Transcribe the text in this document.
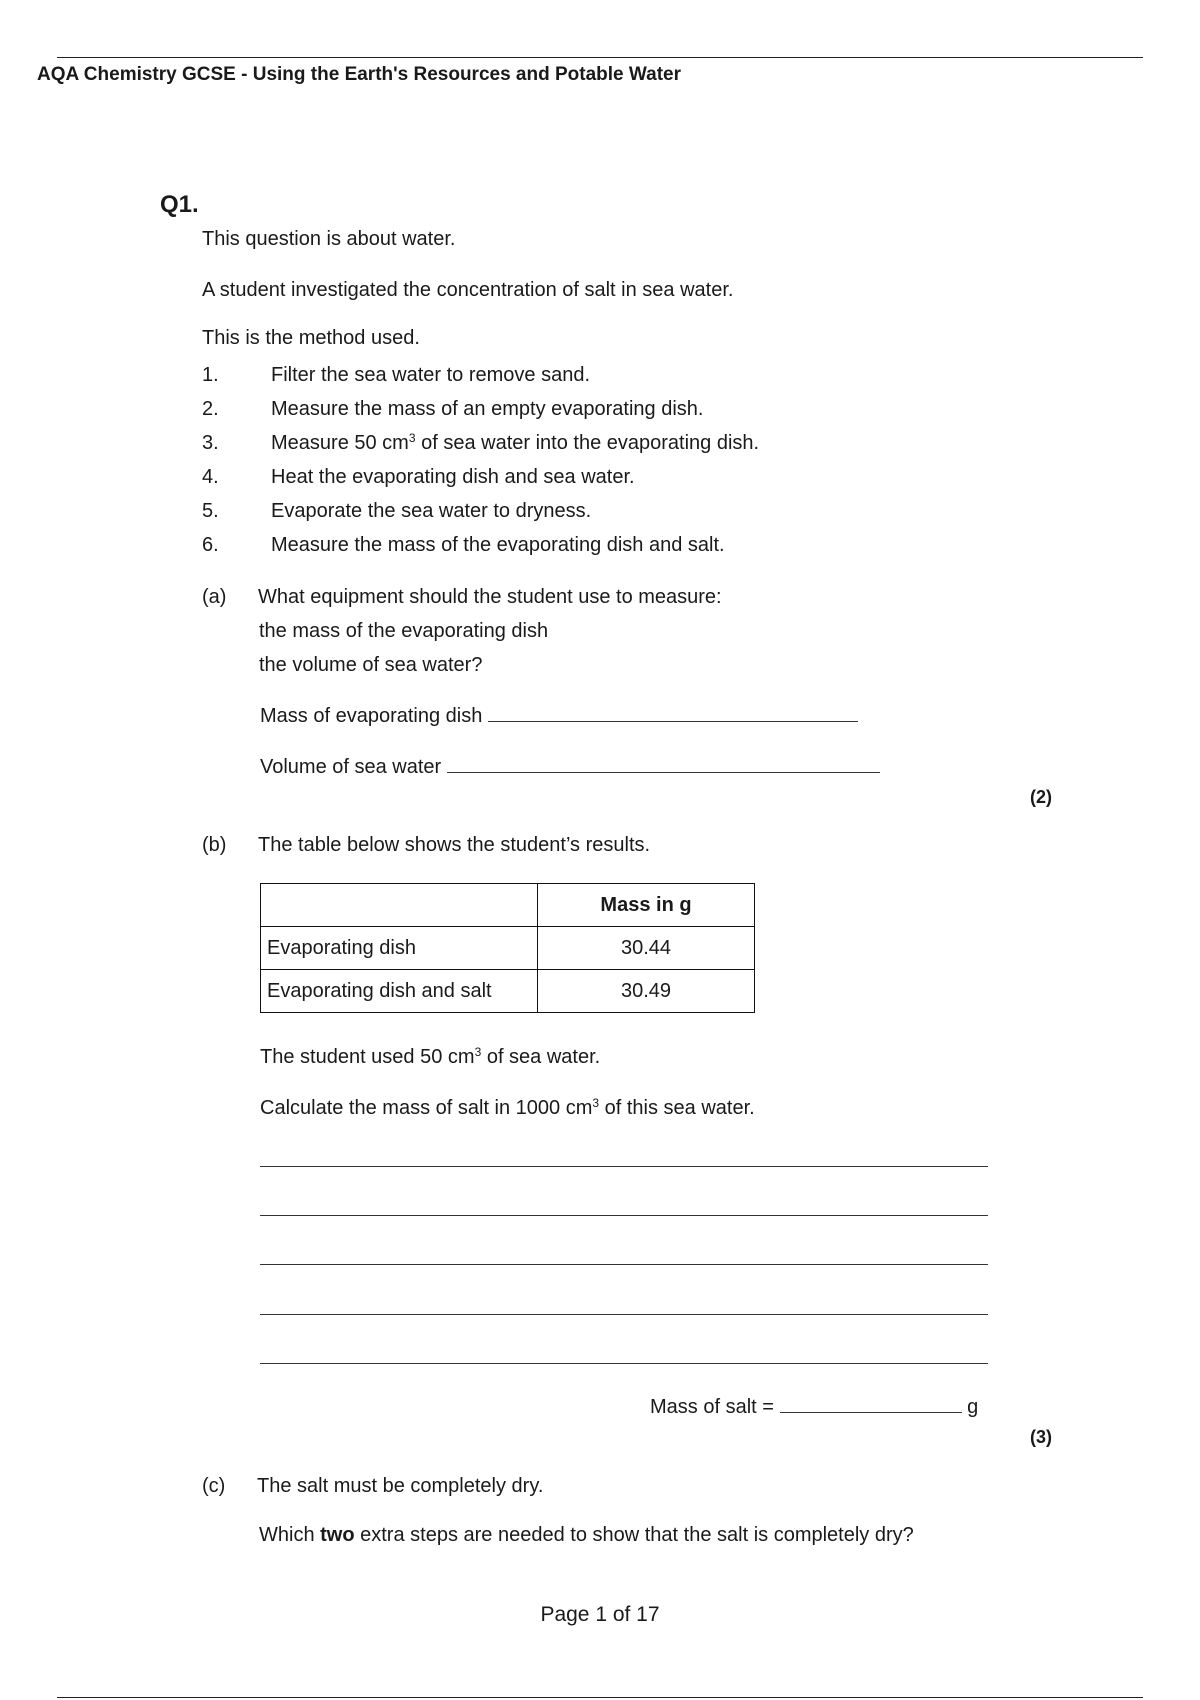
AQA Chemistry GCSE - Using the Earth's Resources and Potable Water
Q1.
This question is about water.
A student investigated the concentration of salt in sea water.
This is the method used.
1.	Filter the sea water to remove sand.
2.	Measure the mass of an empty evaporating dish.
3.	Measure 50 $cm^3$ of sea water into the evaporating dish.
4.	Heat the evaporating dish and sea water.
5.	Evaporate the sea water to dryness.
6.	Measure the mass of the evaporating dish and salt.
(a) What equipment should the student use to measure:
the mass of the evaporating dish
the volume of sea water?
Mass of evaporating dish
Volume of sea water
(2)
(b) The table below shows the student’s results.
	Mass in g
Evaporating dish	30.44
Evaporating dish and salt	30.49
The student used 50 $cm^3$ of sea water.
Calculate the mass of salt in 1000 $cm^3$ of this sea water.
Mass of salt =	g
(3)
(c) The salt must be completely dry.
Which two extra steps are needed to show that the salt is completely dry?
Page 1 of 17
